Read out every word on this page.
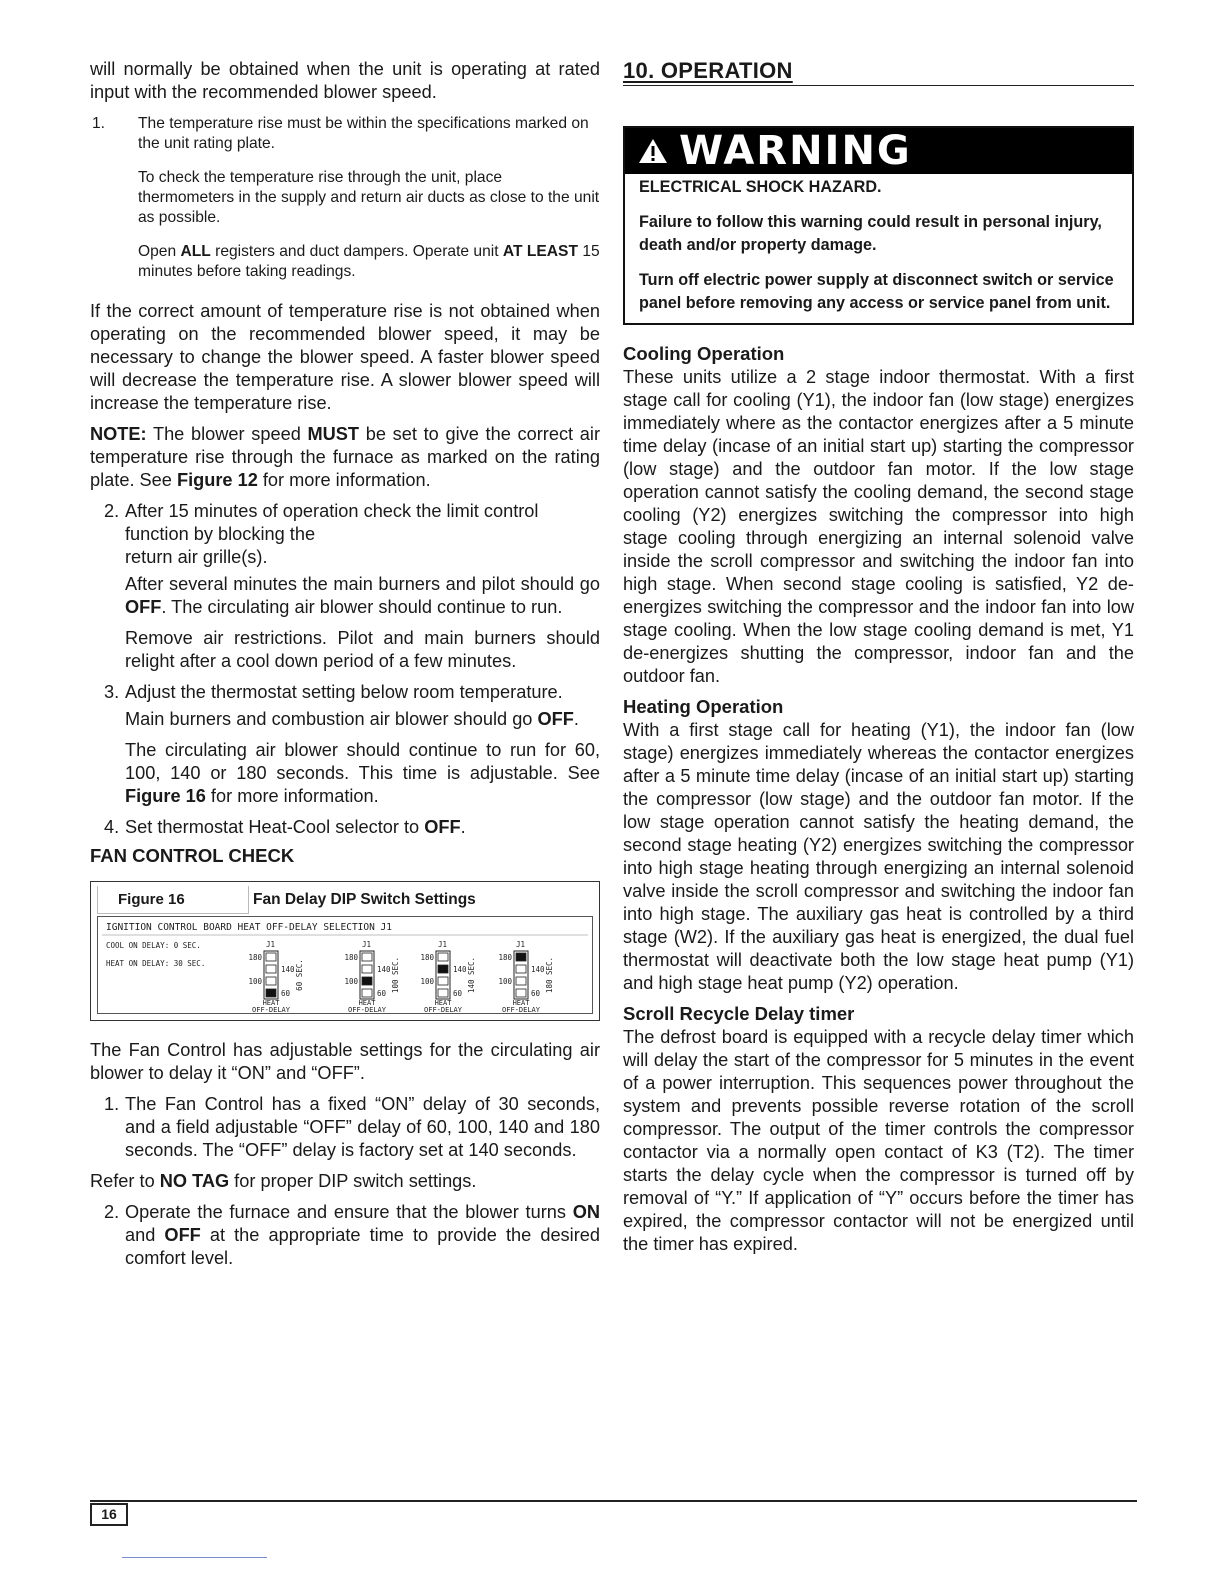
will normally be obtained when the unit is operating at rated input with the recommended blower speed.

1. The temperature rise must be within the specifications marked on the unit rating plate.

To check the temperature rise through the unit, place thermometers in the supply and return air ducts as close to the unit as possible.

Open ALL registers and duct dampers. Operate unit AT LEAST 15 minutes before taking readings.

If the correct amount of temperature rise is not obtained when operating on the recommended blower speed, it may be necessary to change the blower speed. A faster blower speed will decrease the temperature rise. A slower blower speed will increase the temperature rise.

NOTE: The blower speed MUST be set to give the correct air temperature rise through the furnace as marked on the rating plate. See Figure 12 for more information.

2. After 15 minutes of operation check the limit control function by blocking the
return air grille(s).

After several minutes the main burners and pilot should go OFF. The circulating air blower should continue to run.

Remove air restrictions. Pilot and main burners should relight after a cool down period of a few minutes.

3. Adjust the thermostat setting below room temperature.

Main burners and combustion air blower should go OFF.

The circulating air blower should continue to run for 60, 100, 140 or 180 seconds. This time is adjustable. See Figure 16 for more information.

4. Set thermostat Heat-Cool selector to OFF.
FAN CONTROL CHECK
Figure 16	Fan Delay DIP Switch Settings
IGNITION CONTROL BOARD HEAT OFF-DELAY SELECTION J1
COOL ON DELAY: 0 SEC.
HEAT ON DELAY: 30 SEC.
J1
180
140
100
60
60 SEC.
HEAT
OFF-DELAY
J1
180
140
100
60
100 SEC.
HEAT
OFF-DELAY
J1
180
140
100
60
140 SEC.
HEAT
OFF-DELAY
J1
180
140
100
60
180 SEC.
HEAT
OFF-DELAY

The Fan Control has adjustable settings for the circulating air blower to delay it “ON” and “OFF”.

1. The Fan Control has a fixed “ON” delay of 30 seconds, and a field adjustable “OFF” delay of 60, 100, 140 and 180 seconds. The “OFF” delay is factory set at 140 seconds.

Refer to NO TAG for proper DIP switch settings.

2. Operate the furnace and ensure that the blower turns ON and OFF at the appropriate time to provide the desired comfort level.
10. OPERATION
WARNING

ELECTRICAL SHOCK HAZARD.

Failure to follow this warning could result in personal injury, death and/or property damage.

Turn off electric power supply at disconnect switch or service panel before removing any access or service panel from unit.

Cooling Operation

These units utilize a 2 stage indoor thermostat. With a first stage call for cooling (Y1), the indoor fan (low stage) energizes immediately where as the contactor energizes after a 5 minute time delay (incase of an initial start up) starting the compressor (low stage) and the outdoor fan motor. If the low stage operation cannot satisfy the cooling demand, the second stage cooling (Y2) energizes switching the compressor into high stage cooling through energizing an internal solenoid valve inside the scroll compressor and switching the indoor fan into high stage. When second stage cooling is satisfied, Y2 de-energizes switching the compressor and the indoor fan into low stage cooling. When the low stage cooling demand is met, Y1 de-energizes shutting the compressor, indoor fan and the outdoor fan.

Heating Operation

With a first stage call for heating (Y1), the indoor fan (low stage) energizes immediately whereas the contactor energizes after a 5 minute time delay (incase of an initial start up) starting the compressor (low stage) and the outdoor fan motor. If the low stage operation cannot satisfy the heating demand, the second stage heating (Y2) energizes switching the compressor into high stage heating through energizing an internal solenoid valve inside the scroll compressor and switching the indoor fan into high stage. The auxiliary gas heat is controlled by a third stage (W2). If the auxiliary gas heat is energized, the dual fuel thermostat will deactivate both the low stage heat pump (Y1) and high stage heat pump (Y2) operation.

Scroll Recycle Delay timer

The defrost board is equipped with a recycle delay timer which will delay the start of the compressor for 5 minutes in the event of a power interruption. This sequences power throughout the system and prevents possible reverse rotation of the scroll compressor. The output of the timer controls the compressor contactor via a normally open contact of K3 (T2). The timer starts the delay cycle when the compressor is turned off by removal of “Y.” If application of “Y” occurs before the timer has expired, the compressor contactor will not be energized until the timer has expired.

16
